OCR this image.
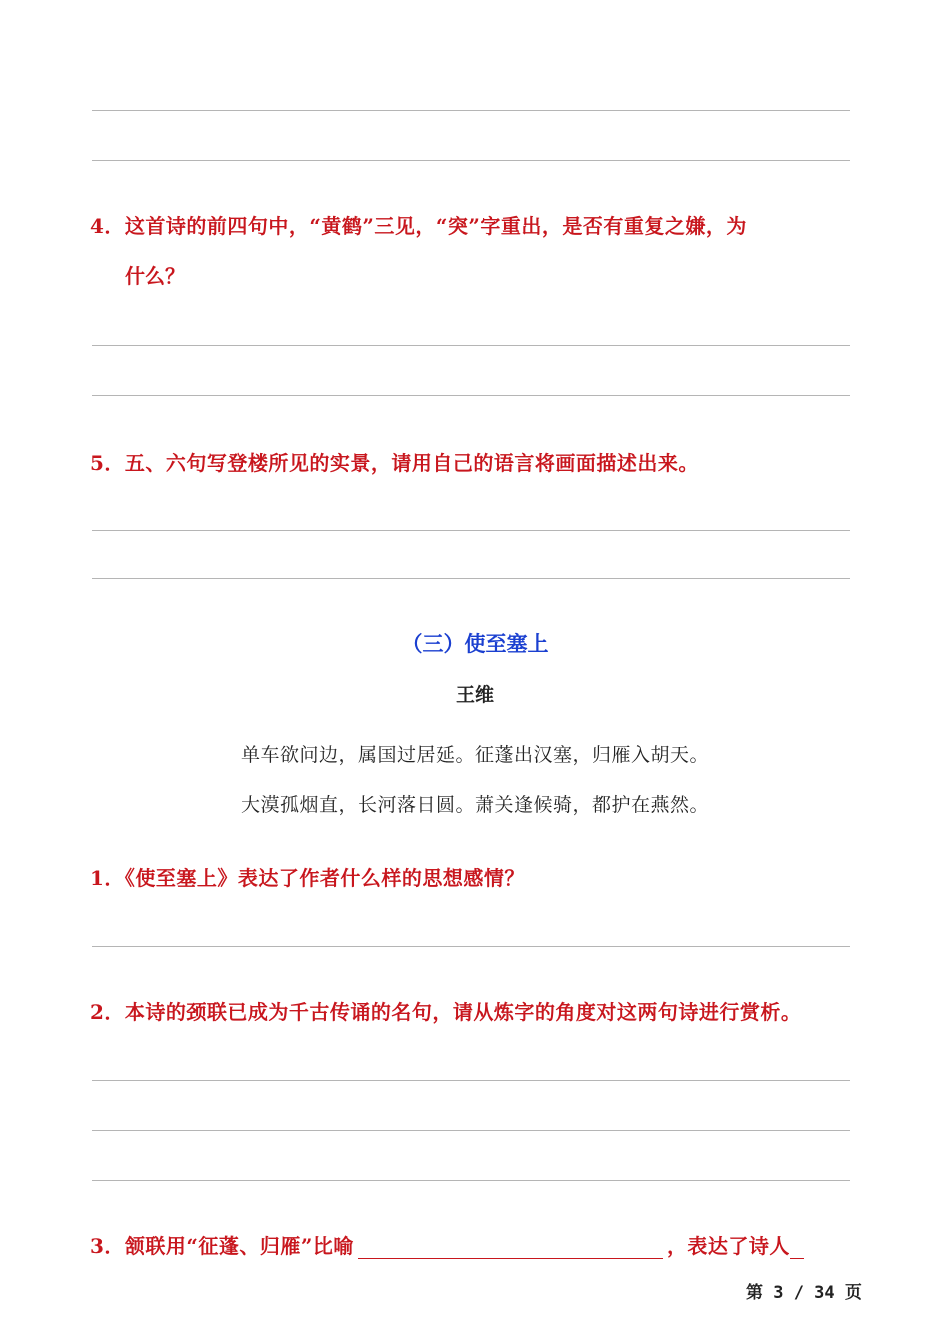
4．这首诗的前四句中，“黄鹤”三见，“突”字重出，是否有重复之嫌，为
什么？
5．五、六句写登楼所见的实景，请用自己的语言将画面描述出来。
（三）使至塞上
王维
单车欲问边，属国过居延。征蓬出汉塞，归雁入胡天。
大漠孤烟直，长河落日圆。萧关逢候骑，都护在燕然。
1．《使至塞上》表达了作者什么样的思想感情？
2．本诗的颈联已成为千古传诵的名句，请从炼字的角度对这两句诗进行赏析。
3．颔联用“征蓬、归雁”比喻	，表达了诗人
第 3 / 34 页
